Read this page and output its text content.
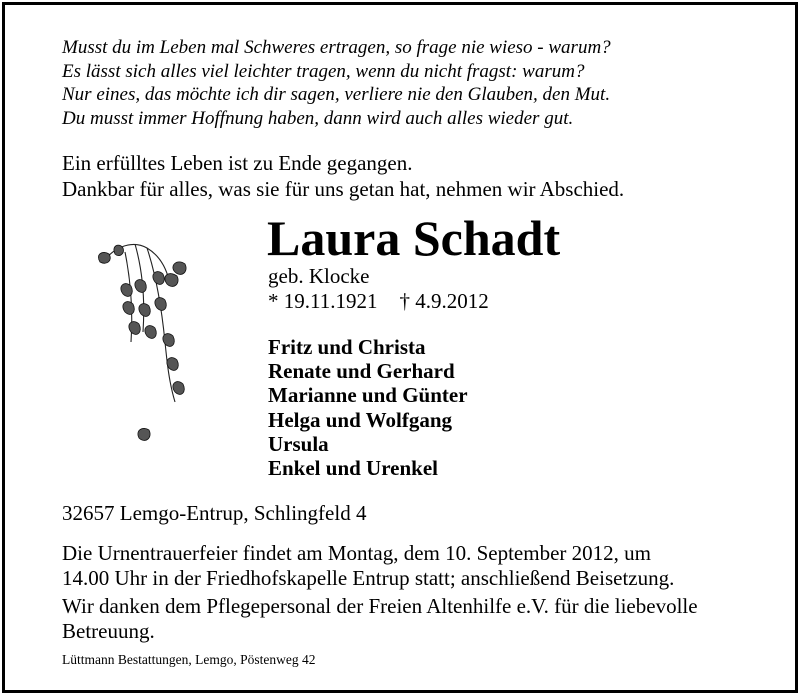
Musst du im Leben mal Schweres ertragen, so frage nie wieso - warum?
Es lässt sich alles viel leichter tragen, wenn du nicht fragst: warum?
Nur eines, das möchte ich dir sagen, verliere nie den Glauben, den Mut.
Du musst immer Hoffnung haben, dann wird auch alles wieder gut.
Ein erfülltes Leben ist zu Ende gegangen.
Dankbar für alles, was sie für uns getan hat, nehmen wir Abschied.
Laura Schadt
geb. Klocke
* 19.11.1921 † 4.9.2012
Fritz und Christa
Renate und Gerhard
Marianne und Günter
Helga und Wolfgang
Ursula
Enkel und Urenkel
32657 Lemgo-Entrup, Schlingfeld 4
Die Urnentrauerfeier findet am Montag, dem 10. September 2012, um
14.00 Uhr in der Friedhofskapelle Entrup statt; anschließend Beisetzung.
Wir danken dem Pflegepersonal der Freien Altenhilfe e.V. für die liebevolle
Betreuung.
Lüttmann Bestattungen, Lemgo, Pöstenweg 42
